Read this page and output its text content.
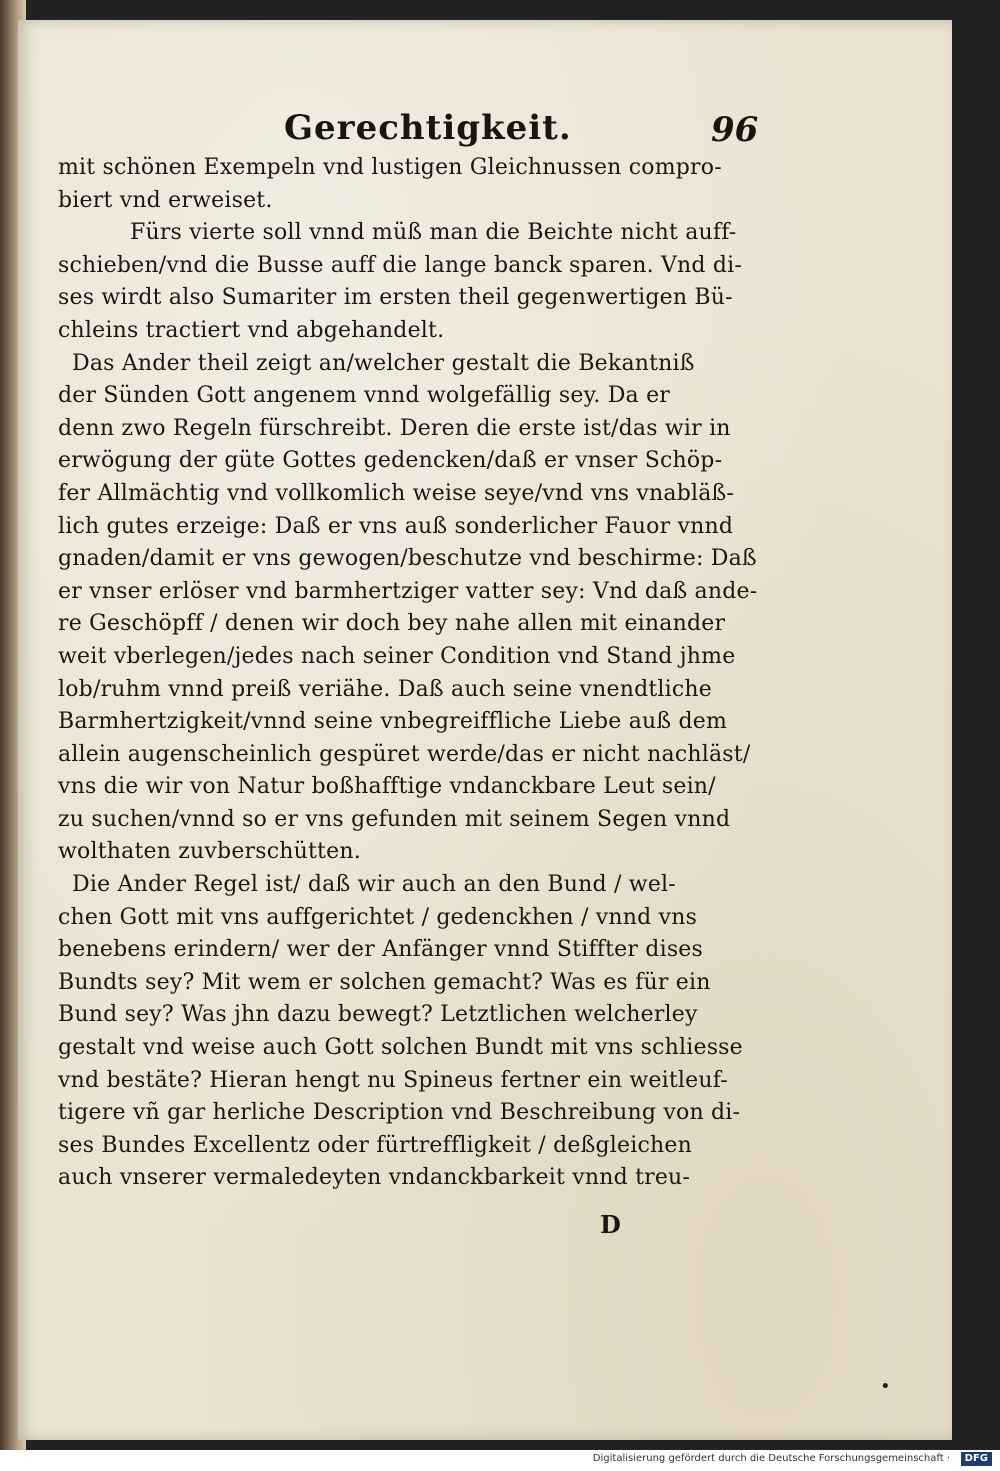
Gerechtigkeit.	96
mit schönen Exempeln vnd lustigen Gleichnussen compro-
biert vnd erweiset.
Fürs vierte soll vnnd müß man die Beichte nicht auff-
schieben/vnd die Busse auff die lange banck sparen. Vnd di-
ses wirdt also Sumariter im ersten theil gegenwertigen Bü-
chleins tractiert vnd abgehandelt.
Das Ander theil zeigt an/welcher gestalt die Bekantniß
der Sünden Gott angenem vnnd wolgefällig sey. Da er
denn zwo Regeln fürschreibt. Deren die erste ist/das wir in
erwögung der güte Gottes gedencken/daß er vnser Schöp-
fer Allmächtig vnd vollkomlich weise seye/vnd vns vnabläß-
lich gutes erzeige: Daß er vns auß sonderlicher Fauor vnnd
gnaden/damit er vns gewogen/beschutze vnd beschirme: Daß
er vnser erlöser vnd barmhertziger vatter sey: Vnd daß ande-
re Geschöpff / denen wir doch bey nahe allen mit einander
weit vberlegen/jedes nach seiner Condition vnd Stand jhme
lob/ruhm vnnd preiß veriähe. Daß auch seine vnendtliche
Barmhertzigkeit/vnnd seine vnbegreiffliche Liebe auß dem
allein augenscheinlich gespüret werde/das er nicht nachläst/
vns die wir von Natur boßhafftige vndanckbare Leut sein/
zu suchen/vnnd so er vns gefunden mit seinem Segen vnnd
wolthaten zuvberschütten.
Die Ander Regel ist/ daß wir auch an den Bund / wel-
chen Gott mit vns auffgerichtet / gedenckhen / vnnd vns
benebens erindern/ wer der Anfänger vnnd Stiffter dises
Bundts sey? Mit wem er solchen gemacht? Was es für ein
Bund sey? Was jhn dazu bewegt? Letztlichen welcherley
gestalt vnd weise auch Gott solchen Bundt mit vns schliesse
vnd bestäte? Hieran hengt nu Spineus fertner ein weitleuf-
tigere vñ gar herliche Description vnd Beschreibung von di-
ses Bundes Excellentz oder fürtreffligkeit / deßgleichen
auch vnserer vermaledeyten vndanckbarkeit vnnd treu-
D
•
Digitalisierung gefördert durch die Deutsche Forschungsgemeinschaft ·	DFG
